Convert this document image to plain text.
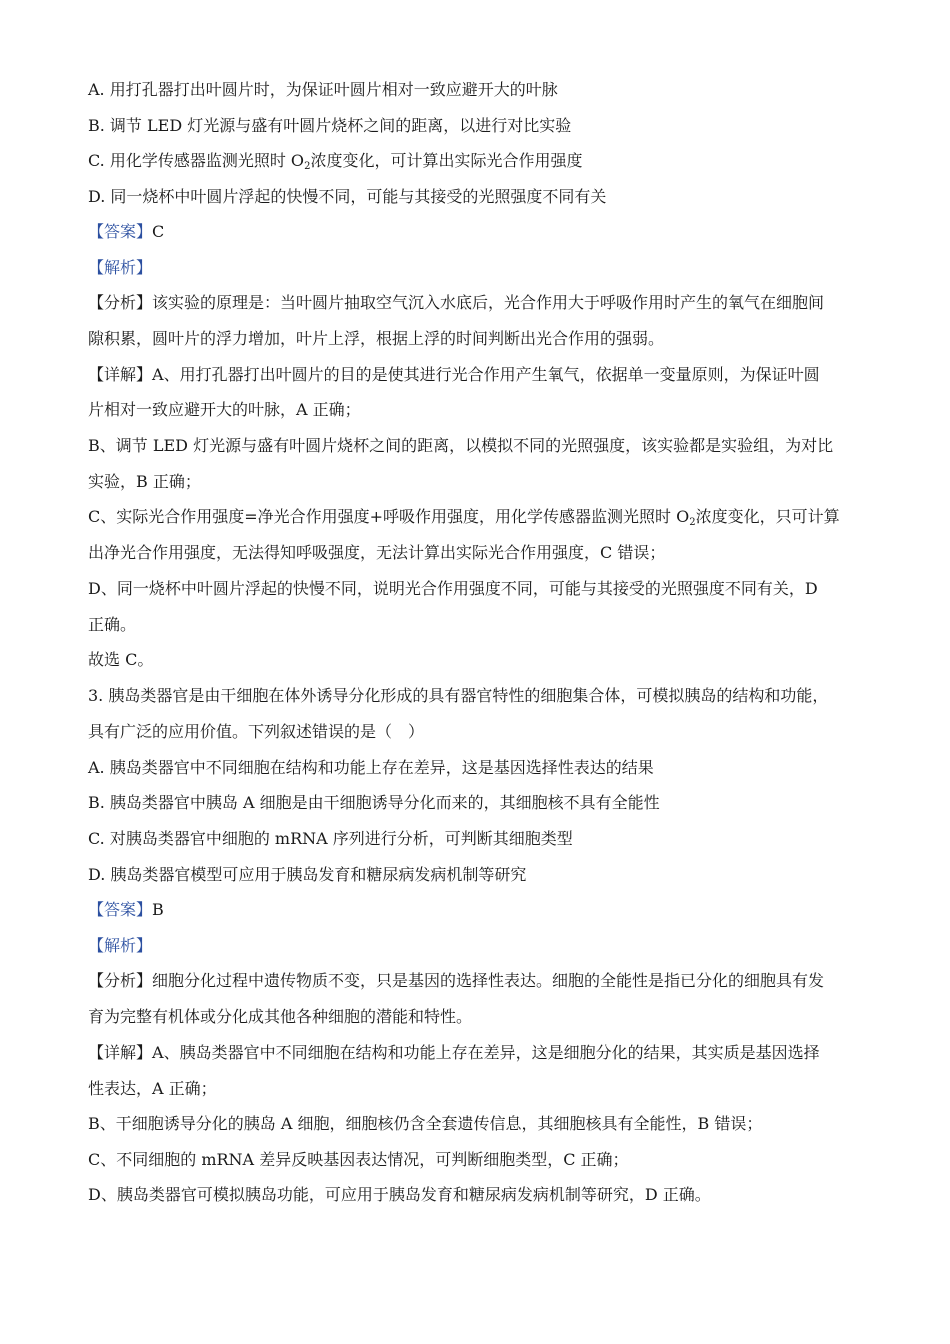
A. 用打孔器打出叶圆片时，为保证叶圆片相对一致应避开大的叶脉
B. 调节 LED 灯光源与盛有叶圆片烧杯之间的距离，以进行对比实验
C. 用化学传感器监测光照时 $O_2$浓度变化，可计算出实际光合作用强度
D. 同一烧杯中叶圆片浮起的快慢不同，可能与其接受的光照强度不同有关
【答案】C
【解析】
【分析】该实验的原理是：当叶圆片抽取空气沉入水底后，光合作用大于呼吸作用时产生的氧气在细胞间
隙积累，圆叶片的浮力增加，叶片上浮，根据上浮的时间判断出光合作用的强弱。
【详解】A、用打孔器打出叶圆片的目的是使其进行光合作用产生氧气，依据单一变量原则，为保证叶圆
片相对一致应避开大的叶脉，A 正确；
B、调节 LED 灯光源与盛有叶圆片烧杯之间的距离，以模拟不同的光照强度，该实验都是实验组，为对比
实验，B 正确；
C、实际光合作用强度=净光合作用强度+呼吸作用强度，用化学传感器监测光照时 $O_2$浓度变化，只可计算
出净光合作用强度，无法得知呼吸强度，无法计算出实际光合作用强度，C 错误；
D、同一烧杯中叶圆片浮起的快慢不同，说明光合作用强度不同，可能与其接受的光照强度不同有关，D
正确。
故选 C。
3. 胰岛类器官是由干细胞在体外诱导分化形成的具有器官特性的细胞集合体，可模拟胰岛的结构和功能，
具有广泛的应用价值。下列叙述错误的是（　）
A. 胰岛类器官中不同细胞在结构和功能上存在差异，这是基因选择性表达的结果
B. 胰岛类器官中胰岛 A 细胞是由干细胞诱导分化而来的，其细胞核不具有全能性
C. 对胰岛类器官中细胞的 mRNA 序列进行分析，可判断其细胞类型
D. 胰岛类器官模型可应用于胰岛发育和糖尿病发病机制等研究
【答案】B
【解析】
【分析】细胞分化过程中遗传物质不变，只是基因的选择性表达。细胞的全能性是指已分化的细胞具有发
育为完整有机体或分化成其他各种细胞的潜能和特性。
【详解】A、胰岛类器官中不同细胞在结构和功能上存在差异，这是细胞分化的结果，其实质是基因选择
性表达，A 正确；
B、干细胞诱导分化的胰岛 A 细胞，细胞核仍含全套遗传信息，其细胞核具有全能性，B 错误；
C、不同细胞的 mRNA 差异反映基因表达情况，可判断细胞类型，C 正确；
D、胰岛类器官可模拟胰岛功能，可应用于胰岛发育和糖尿病发病机制等研究，D 正确。
